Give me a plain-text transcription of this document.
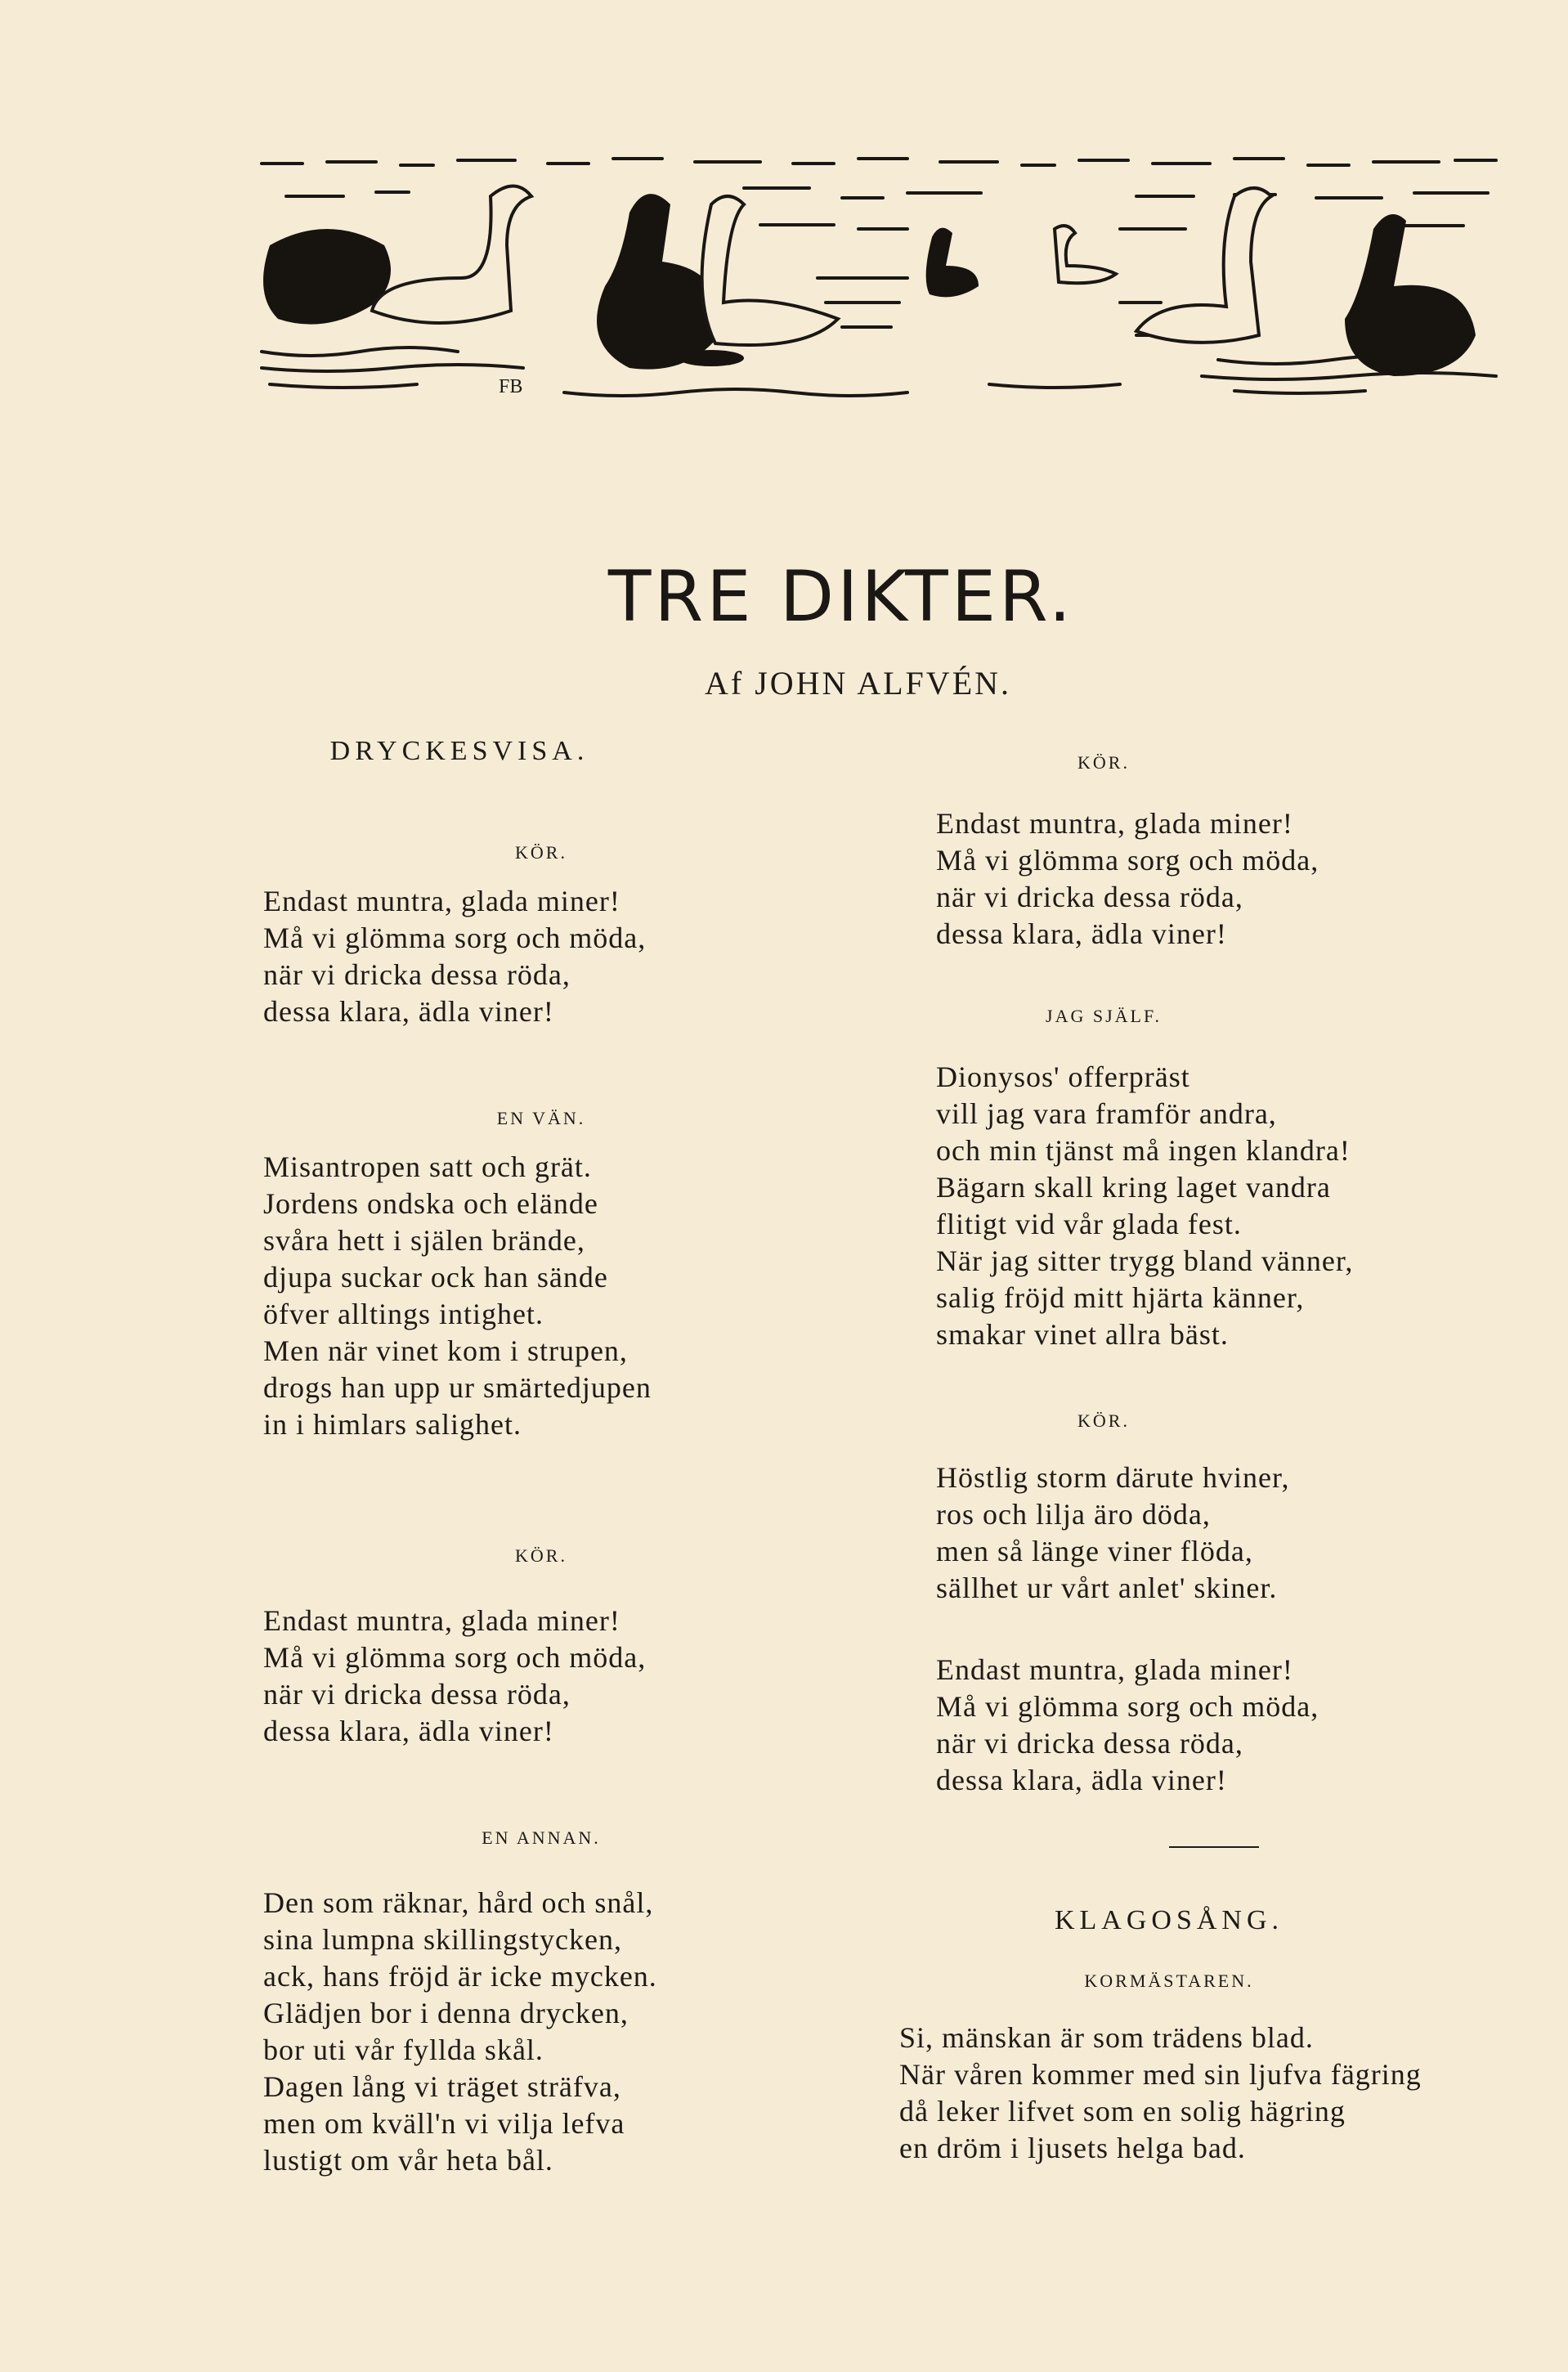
FB
TRE DIKTER.
Af JOHN ALFVÉN.

DRYCKESVISA.

KÖR.

Endast muntra, glada miner!
Må vi glömma sorg och möda,
när vi dricka dessa röda,
dessa klara, ädla viner!

EN VÄN.

Misantropen satt och grät.
Jordens ondska och elände
svåra hett i själen brände,
djupa suckar ock han sände
öfver alltings intighet.
Men när vinet kom i strupen,
drogs han upp ur smärtedjupen
in i himlars salighet.

KÖR.

Endast muntra, glada miner!
Må vi glömma sorg och möda,
när vi dricka dessa röda,
dessa klara, ädla viner!

EN ANNAN.

Den som räknar, hård och snål,
sina lumpna skillingstycken,
ack, hans fröjd är icke mycken.
Glädjen bor i denna drycken,
bor uti vår fyllda skål.
Dagen lång vi träget sträfva,
men om kväll'n vi vilja lefva
lustigt om vår heta bål.

KÖR.

Endast muntra, glada miner!
Må vi glömma sorg och möda,
när vi dricka dessa röda,
dessa klara, ädla viner!

JAG SJÄLF.

Dionysos' offerpräst
vill jag vara framför andra,
och min tjänst må ingen klandra!
Bägarn skall kring laget vandra
flitigt vid vår glada fest.
När jag sitter trygg bland vänner,
salig fröjd mitt hjärta känner,
smakar vinet allra bäst.

KÖR.

Höstlig storm därute hviner,
ros och lilja äro döda,
men så länge viner flöda,
sällhet ur vårt anlet' skiner.
Endast muntra, glada miner!
Må vi glömma sorg och möda,
när vi dricka dessa röda,
dessa klara, ädla viner!

KLAGOSÅNG.

KORMÄSTAREN.

Si, mänskan är som trädens blad.
När våren kommer med sin ljufva fägring
då leker lifvet som en solig hägring
en dröm i ljusets helga bad.
